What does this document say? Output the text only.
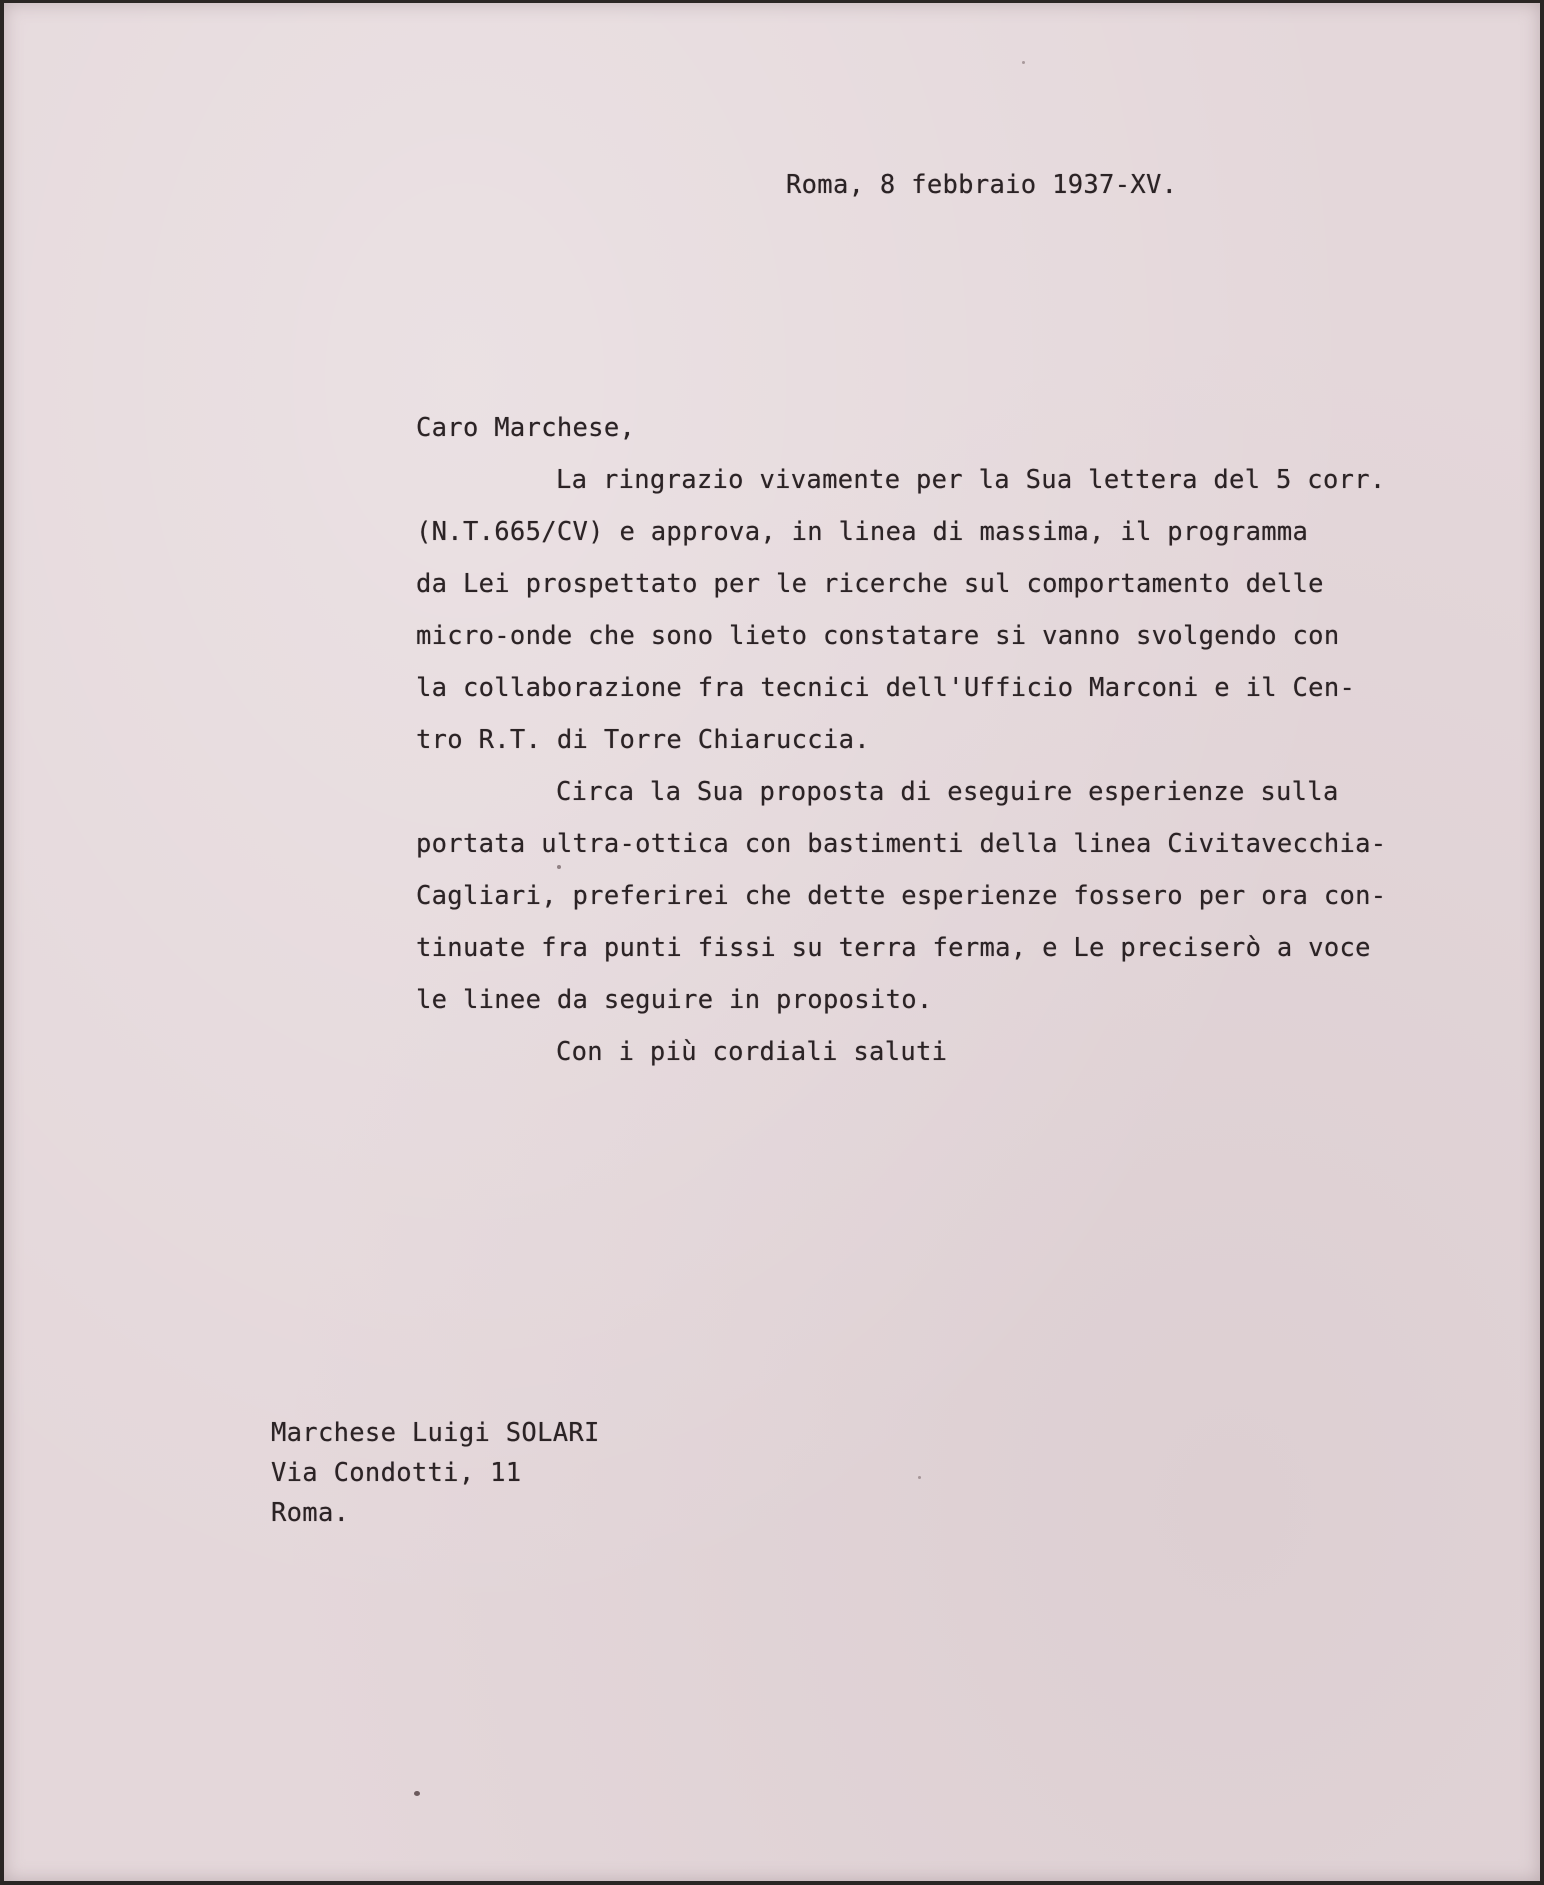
Roma, 8 febbraio 1937-XV.
Caro Marchese,
La ringrazio vivamente per la Sua lettera del 5 corr.
(N.T.665/CV) e approva, in linea di massima, il programma
da Lei prospettato per le ricerche sul comportamento delle
micro-onde che sono lieto constatare si vanno svolgendo con
la collaborazione fra tecnici dell'Ufficio Marconi e il Cen-
tro R.T. di Torre Chiaruccia.
Circa la Sua proposta di eseguire esperienze sulla
portata ultra-ottica con bastimenti della linea Civitavecchia-
Cagliari, preferirei che dette esperienze fossero per ora con-
tinuate fra punti fissi su terra ferma, e Le preciserò a voce
le linee da seguire in proposito.
Con i più cordiali saluti
Marchese Luigi SOLARI
Via Condotti, 11
Roma.
